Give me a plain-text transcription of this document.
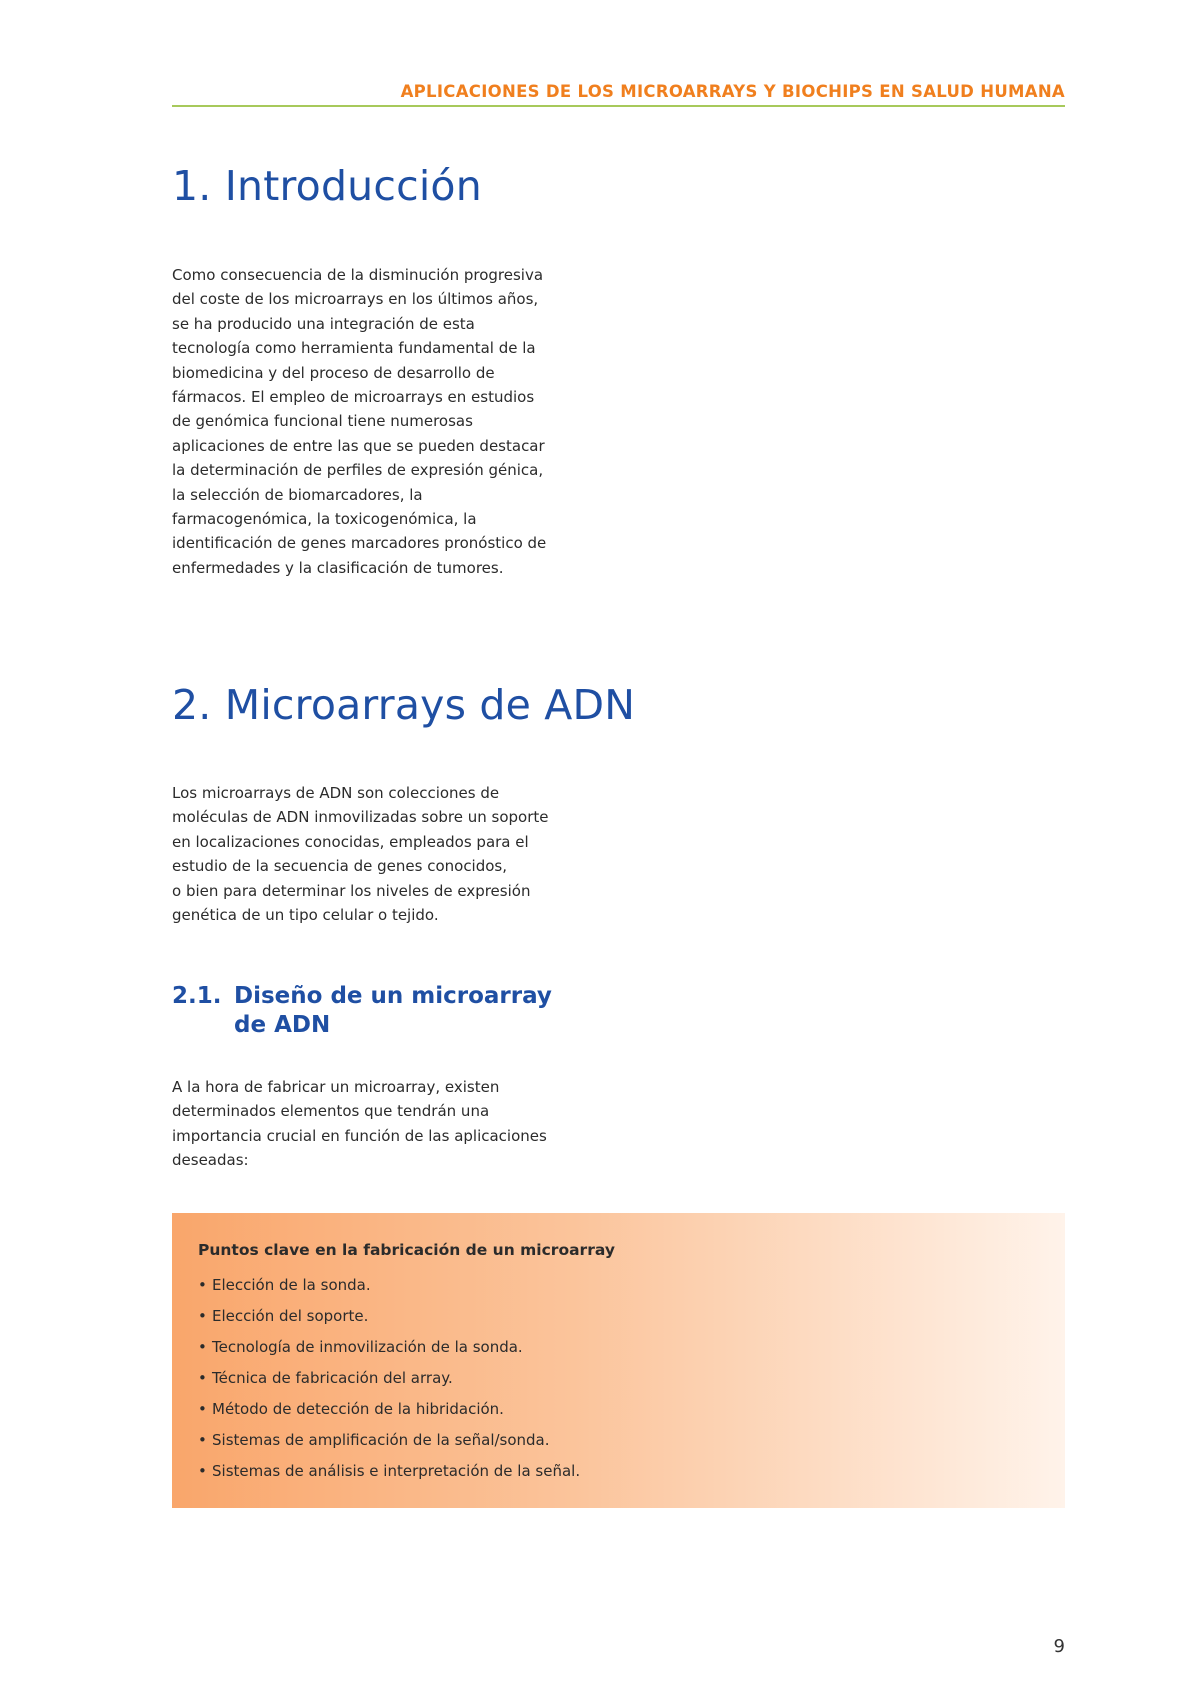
APLICACIONES DE LOS MICROARRAYS Y BIOCHIPS EN SALUD HUMANA
1. Introducción
Como consecuencia de la disminución progresiva
del coste de los microarrays en los últimos años,
se ha producido una integración de esta
tecnología como herramienta fundamental de la
biomedicina y del proceso de desarrollo de
fármacos. El empleo de microarrays en estudios
de genómica funcional tiene numerosas
aplicaciones de entre las que se pueden destacar
la determinación de perfiles de expresión génica,
la selección de biomarcadores, la
farmacogenómica, la toxicogenómica, la
identificación de genes marcadores pronóstico de
enfermedades y la clasificación de tumores.
2. Microarrays de ADN
Los microarrays de ADN son colecciones de
moléculas de ADN inmovilizadas sobre un soporte
en localizaciones conocidas, empleados para el
estudio de la secuencia de genes conocidos,
o bien para determinar los niveles de expresión
genética de un tipo celular o tejido.
2.1. Diseño de un microarray
de ADN
A la hora de fabricar un microarray, existen
determinados elementos que tendrán una
importancia crucial en función de las aplicaciones
deseadas:
Puntos clave en la fabricación de un microarray
• Elección de la sonda.
• Elección del soporte.
• Tecnología de inmovilización de la sonda.
• Técnica de fabricación del array.
• Método de detección de la hibridación.
• Sistemas de amplificación de la señal/sonda.
• Sistemas de análisis e interpretación de la señal.
9
